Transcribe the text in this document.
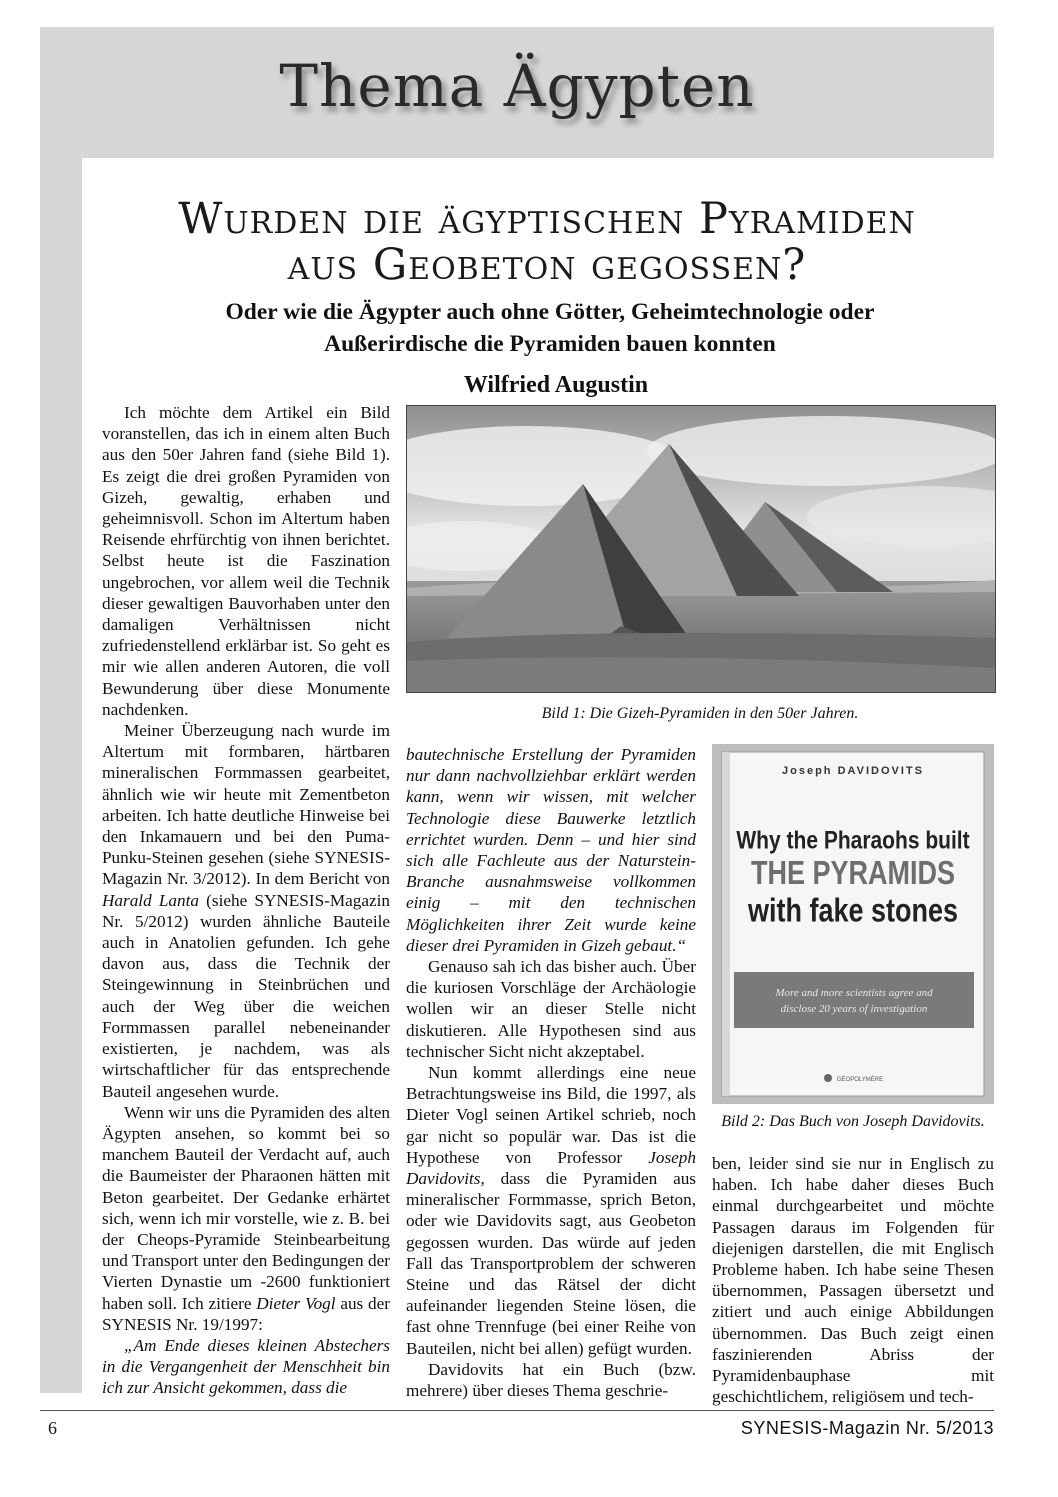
Thema Ägypten
Wurden die ägyptischen Pyramiden
aus Geobeton gegossen?
Oder wie die Ägypter auch ohne Götter, Geheimtechnologie oder
Außerirdische die Pyramiden bauen konnten
Wilfried Augustin

Ich möchte dem Artikel ein Bild voranstellen, das ich in einem alten Buch aus den 50er Jahren fand (siehe Bild 1). Es zeigt die drei großen Pyramiden von Gizeh, gewaltig, erhaben und geheimnisvoll. Schon im Altertum haben Reisende ehrfürchtig von ihnen berichtet. Selbst heute ist die Faszination ungebrochen, vor allem weil die Technik dieser gewaltigen Bauvorhaben unter den damaligen Verhältnissen nicht zufriedenstellend erklärbar ist. So geht es mir wie allen anderen Autoren, die voll Bewunderung über diese Monumente nachdenken.

Meiner Überzeugung nach wurde im Altertum mit formbaren, härtbaren mineralischen Formmassen gearbeitet, ähnlich wie wir heute mit Zementbeton arbeiten. Ich hatte deutliche Hinweise bei den Inkamauern und bei den Puma-Punku-Steinen gesehen (siehe SYNESIS-Magazin Nr. 3/2012). In dem Bericht von Harald Lanta (siehe SYNESIS-Magazin Nr. 5/2012) wurden ähnliche Bauteile auch in Anatolien gefunden. Ich gehe davon aus, dass die Technik der Steingewinnung in Steinbrüchen und auch der Weg über die weichen Formmassen parallel nebeneinander existierten, je nachdem, was als wirtschaftlicher für das entsprechende Bauteil angesehen wurde.

Wenn wir uns die Pyramiden des alten Ägypten ansehen, so kommt bei so manchem Bauteil der Verdacht auf, auch die Baumeister der Pharaonen hätten mit Beton gearbeitet. Der Gedanke erhärtet sich, wenn ich mir vorstelle, wie z. B. bei der Cheops-Pyramide Steinbearbeitung und Transport unter den Bedingungen der Vierten Dynastie um -2600 funktioniert haben soll. Ich zitiere Dieter Vogl aus der SYNESIS Nr. 19/1997:

„Am Ende dieses kleinen Abstechers in die Vergangenheit der Menschheit bin ich zur Ansicht gekommen, dass die

Bild 1: Die Gizeh-Pyramiden in den 50er Jahren.

bautechnische Erstellung der Pyramiden nur dann nachvollziehbar erklärt werden kann, wenn wir wissen, mit welcher Technologie diese Bauwerke letztlich errichtet wurden. Denn – und hier sind sich alle Fachleute aus der Naturstein-Branche ausnahmsweise vollkommen einig – mit den technischen Möglichkeiten ihrer Zeit wurde keine dieser drei Pyramiden in Gizeh gebaut.“

Genauso sah ich das bisher auch. Über die kuriosen Vorschläge der Archäologie wollen wir an dieser Stelle nicht diskutieren. Alle Hypothesen sind aus technischer Sicht nicht akzeptabel.

Nun kommt allerdings eine neue Betrachtungsweise ins Bild, die 1997, als Dieter Vogl seinen Artikel schrieb, noch gar nicht so populär war. Das ist die Hypothese von Professor Joseph Davidovits, dass die Pyramiden aus mineralischer Formmasse, sprich Beton, oder wie Davidovits sagt, aus Geobeton gegossen wurden. Das würde auf jeden Fall das Transportproblem der schweren Steine und das Rätsel der dicht aufeinander liegenden Steine lösen, die fast ohne Trennfuge (bei einer Reihe von Bauteilen, nicht bei allen) gefügt wurden.

Davidovits hat ein Buch (bzw. mehrere) über dieses Thema geschrie-

Joseph DAVIDOVITS
Why the Pharaohs built
THE PYRAMIDS
with fake stones
More and more scientists agree and
disclose 20 years of investigation
GÉOPOLYMÈRE
Bild 2: Das Buch von Joseph Davidovits.

ben, leider sind sie nur in Englisch zu haben. Ich habe daher dieses Buch einmal durchgearbeitet und möchte Passagen daraus im Folgenden für diejenigen darstellen, die mit Englisch Probleme haben. Ich habe seine Thesen übernommen, Passagen übersetzt und zitiert und auch einige Abbildungen übernommen. Das Buch zeigt einen faszinierenden Abriss der Pyramidenbauphase mit geschichtlichem, religiösem und tech-

6	SYNESIS-Magazin Nr. 5/2013
